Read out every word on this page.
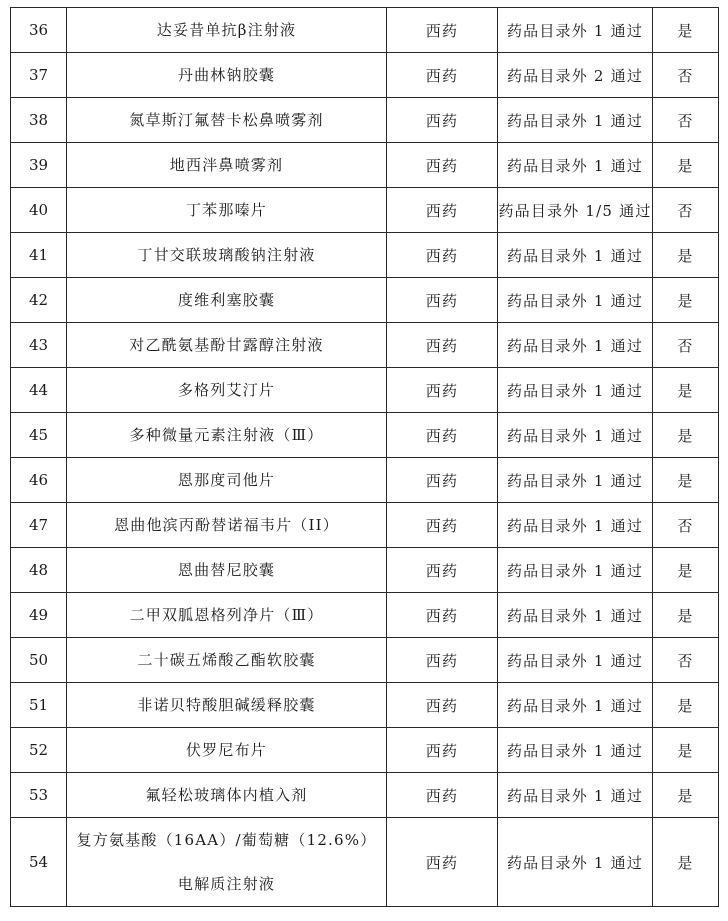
36	达妥昔单抗β注射液	西药	药品目录外 1 通过	是
37	丹曲林钠胶囊	西药	药品目录外 2 通过	否
38	氮草斯汀氟替卡松鼻喷雾剂	西药	药品目录外 1 通过	否
39	地西泮鼻喷雾剂	西药	药品目录外 1 通过	是
40	丁苯那嗪片	西药	药品目录外 1/5 通过	否
41	丁甘交联玻璃酸钠注射液	西药	药品目录外 1 通过	是
42	度维利塞胶囊	西药	药品目录外 1 通过	是
43	对乙酰氨基酚甘露醇注射液	西药	药品目录外 1 通过	否
44	多格列艾汀片	西药	药品目录外 1 通过	是
45	多种微量元素注射液（Ⅲ）	西药	药品目录外 1 通过	是
46	恩那度司他片	西药	药品目录外 1 通过	是
47	恩曲他滨丙酚替诺福韦片（II）	西药	药品目录外 1 通过	否
48	恩曲替尼胶囊	西药	药品目录外 1 通过	是
49	二甲双胍恩格列净片（Ⅲ）	西药	药品目录外 1 通过	是
50	二十碳五烯酸乙酯软胶囊	西药	药品目录外 1 通过	否
51	非诺贝特酸胆碱缓释胶囊	西药	药品目录外 1 通过	是
52	伏罗尼布片	西药	药品目录外 1 通过	是
53	氟轻松玻璃体内植入剂	西药	药品目录外 1 通过	是
54	复方氨基酸（16AA）/葡萄糖（12.6%）
电解质注射液	西药	药品目录外 1 通过	是
